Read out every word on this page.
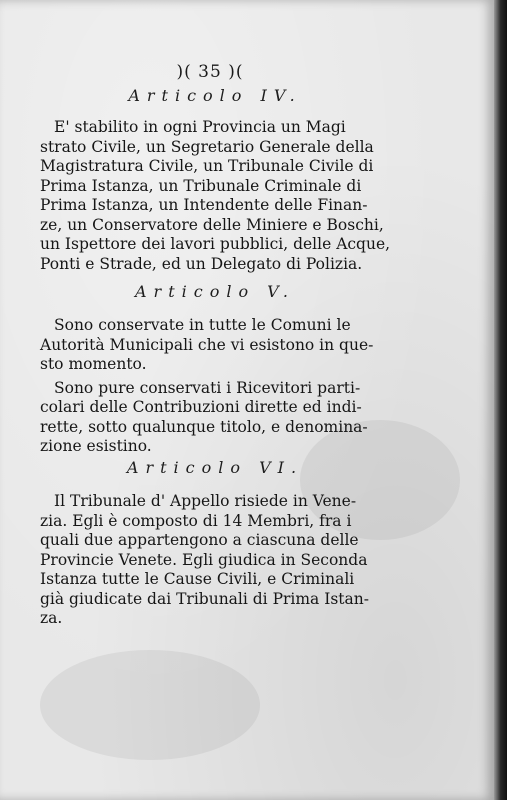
)( 35 )(
Articolo IV.
E' stabilito in ogni Provincia un Magi
strato Civile, un Segretario Generale della
Magistratura Civile, un Tribunale Civile di
Prima Istanza, un Tribunale Criminale di
Prima Istanza, un Intendente delle Finan-
ze, un Conservatore delle Miniere e Boschi,
un Ispettore dei lavori pubblici, delle Acque,
Ponti e Strade, ed un Delegato di Polizia.
Articolo V.
Sono conservate in tutte le Comuni le
Autorità Municipali che vi esistono in que-
sto momento.
Sono pure conservati i Ricevitori parti-
colari delle Contribuzioni dirette ed indi-
rette, sotto qualunque titolo, e denomina-
zione esistino.
Articolo VI.
Il Tribunale d' Appello risiede in Vene-
zia. Egli è composto di 14 Membri, fra i
quali due appartengono a ciascuna delle
Provincie Venete. Egli giudica in Seconda
Istanza tutte le Cause Civili, e Criminali
già giudicate dai Tribunali di Prima Istan-
za.
